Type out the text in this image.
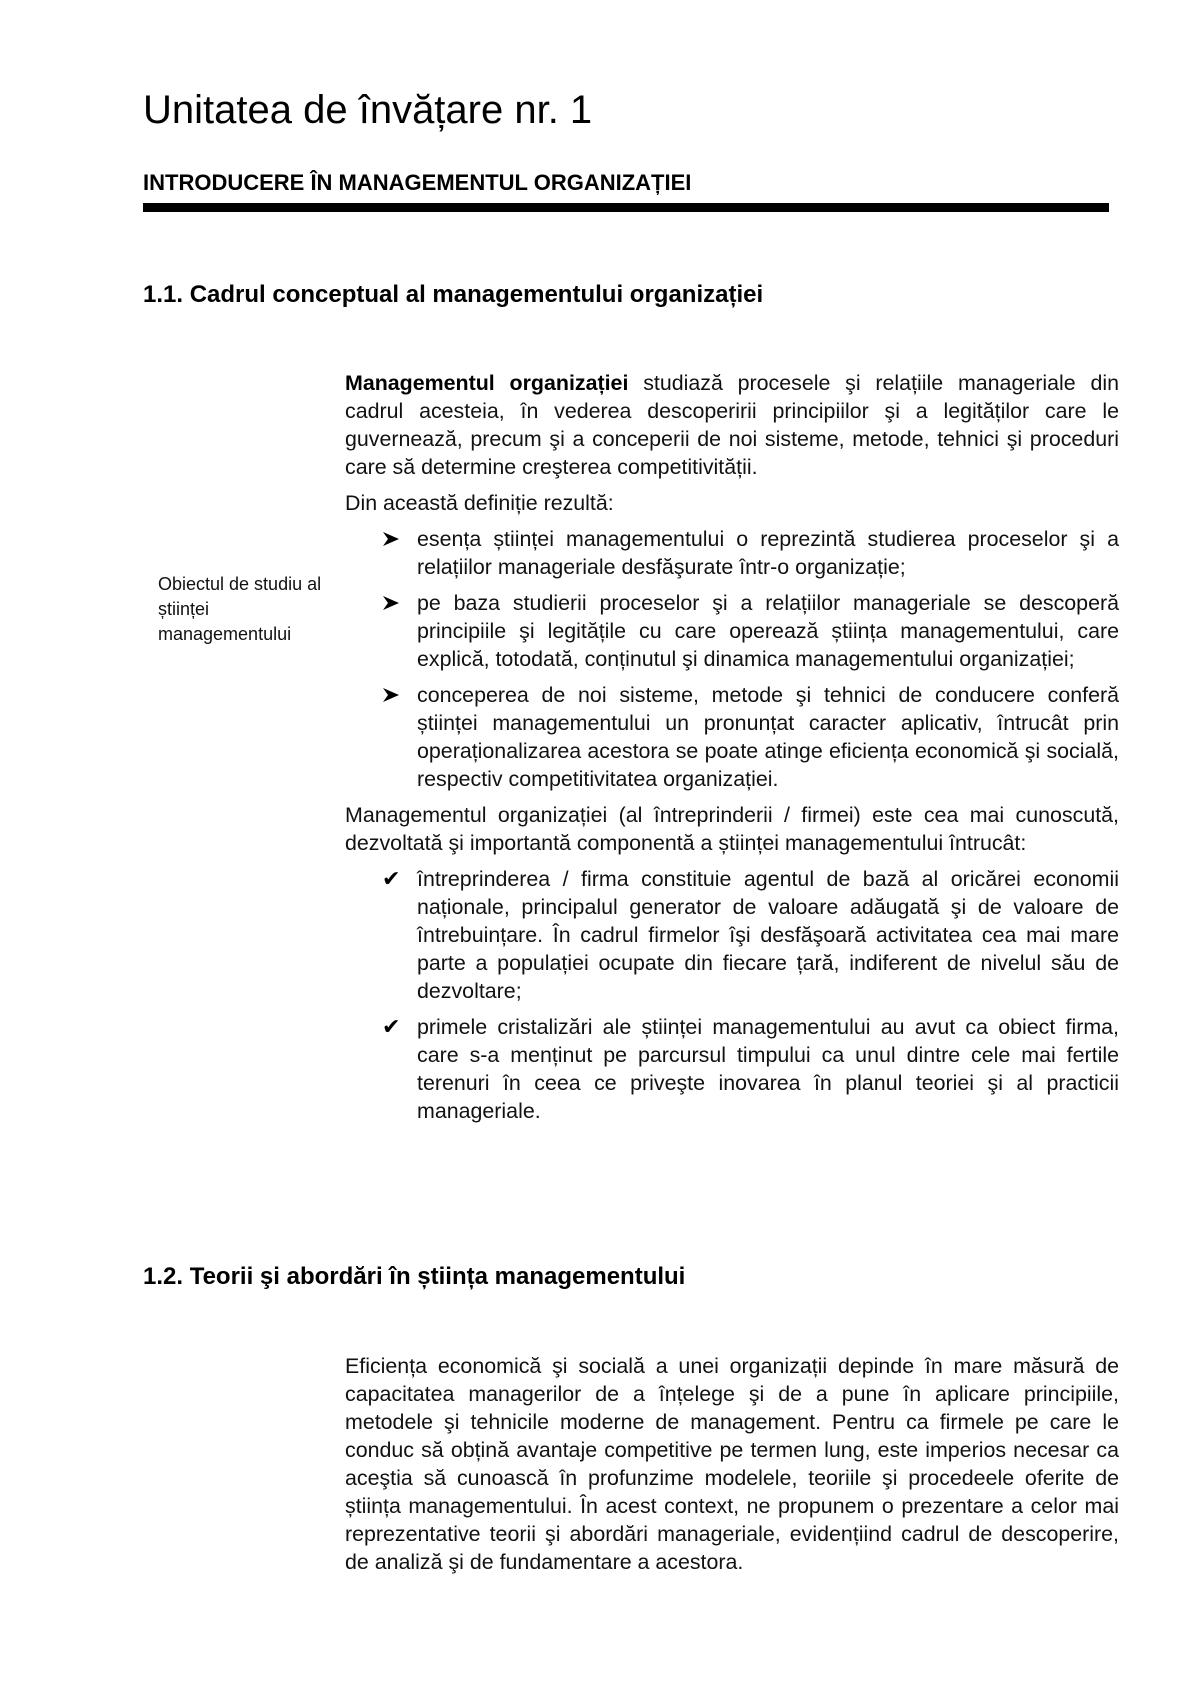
Unitatea de învățare nr. 1
INTRODUCERE ÎN MANAGEMENTUL ORGANIZAȚIEI
1.1. Cadrul conceptual al managementului organizației

Obiectul de studiu al științei managementului

Managementul organizației studiază procesele şi relațiile manageriale din cadrul acesteia, în vederea descoperirii principiilor şi a legităților care le guvernează, precum şi a conceperii de noi sisteme, metode, tehnici şi proceduri care să determine creşterea competitivității.

Din această definiție rezultă:

esența științei managementului o reprezintă studierea proceselor şi a relațiilor manageriale desfăşurate într-o organizație;
pe baza studierii proceselor şi a relațiilor manageriale se descoperă principiile şi legitățile cu care operează știința managementului, care explică, totodată, conținutul şi dinamica managementului organizației;
conceperea de noi sisteme, metode şi tehnici de conducere conferă științei managementului un pronunțat caracter aplicativ, întrucât prin operaționalizarea acestora se poate atinge eficiența economică şi socială, respectiv competitivitatea organizației.

Managementul organizației (al întreprinderii / firmei) este cea mai cunoscută, dezvoltată şi importantă componentă a științei managementului întrucât:

✔ întreprinderea / firma constituie agentul de bază al oricărei economii naționale, principalul generator de valoare adăugată şi de valoare de întrebuințare. În cadrul firmelor îşi desfăşoară activitatea cea mai mare parte a populației ocupate din fiecare țară, indiferent de nivelul său de dezvoltare;
✔ primele cristalizări ale științei managementului au avut ca obiect firma, care s-a menținut pe parcursul timpului ca unul dintre cele mai fertile terenuri în ceea ce priveşte inovarea în planul teoriei şi al practicii manageriale.
1.2. Teorii şi abordări în știința managementului

Eficiența economică şi socială a unei organizații depinde în mare măsură de capacitatea managerilor de a înțelege şi de a pune în aplicare principiile, metodele şi tehnicile moderne de management. Pentru ca firmele pe care le conduc să obțină avantaje competitive pe termen lung, este imperios necesar ca aceştia să cunoască în profunzime modelele, teoriile şi procedeele oferite de știința managementului. În acest context, ne propunem o prezentare a celor mai reprezentative teorii şi abordări manageriale, evidențiind cadrul de descoperire, de analiză şi de fundamentare a acestora.
